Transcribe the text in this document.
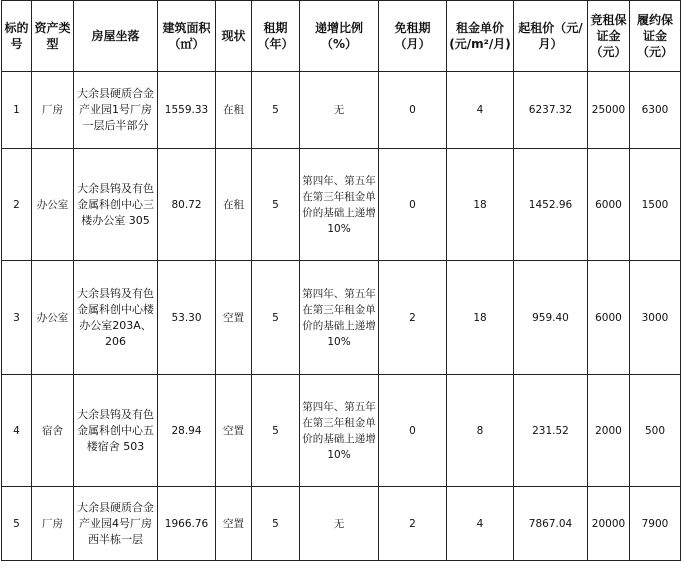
标的号	资产类型	房屋坐落	建筑面积（㎡）	现状	租期（年）	递增比例（%）	免租期（月）	租金单价(元/m²/月)	起租价（元/月）	竞租保证金（元）	履约保证金（元）
1	厂房	大余县硬质合金产业园1号厂房一层后半部分	1559.33	在租	5	无	0	4	6237.32	25000	6300
2	办公室	大余县钨及有色金属科创中心三楼办公室 305	80.72	在租	5	第四年、第五年在第三年租金单价的基础上递增10%	0	18	1452.96	6000	1500
3	办公室	大余县钨及有色金属科创中心楼办公室203A、206	53.30	空置	5	第四年、第五年在第三年租金单价的基础上递增10%	2	18	959.40	6000	3000
4	宿舍	大余县钨及有色金属科创中心五楼宿舍 503	28.94	空置	5	第四年、第五年在第三年租金单价的基础上递增10%	0	8	231.52	2000	500
5	厂房	大余县硬质合金产业园4号厂房西半栋一层	1966.76	空置	5	无	2	4	7867.04	20000	7900
